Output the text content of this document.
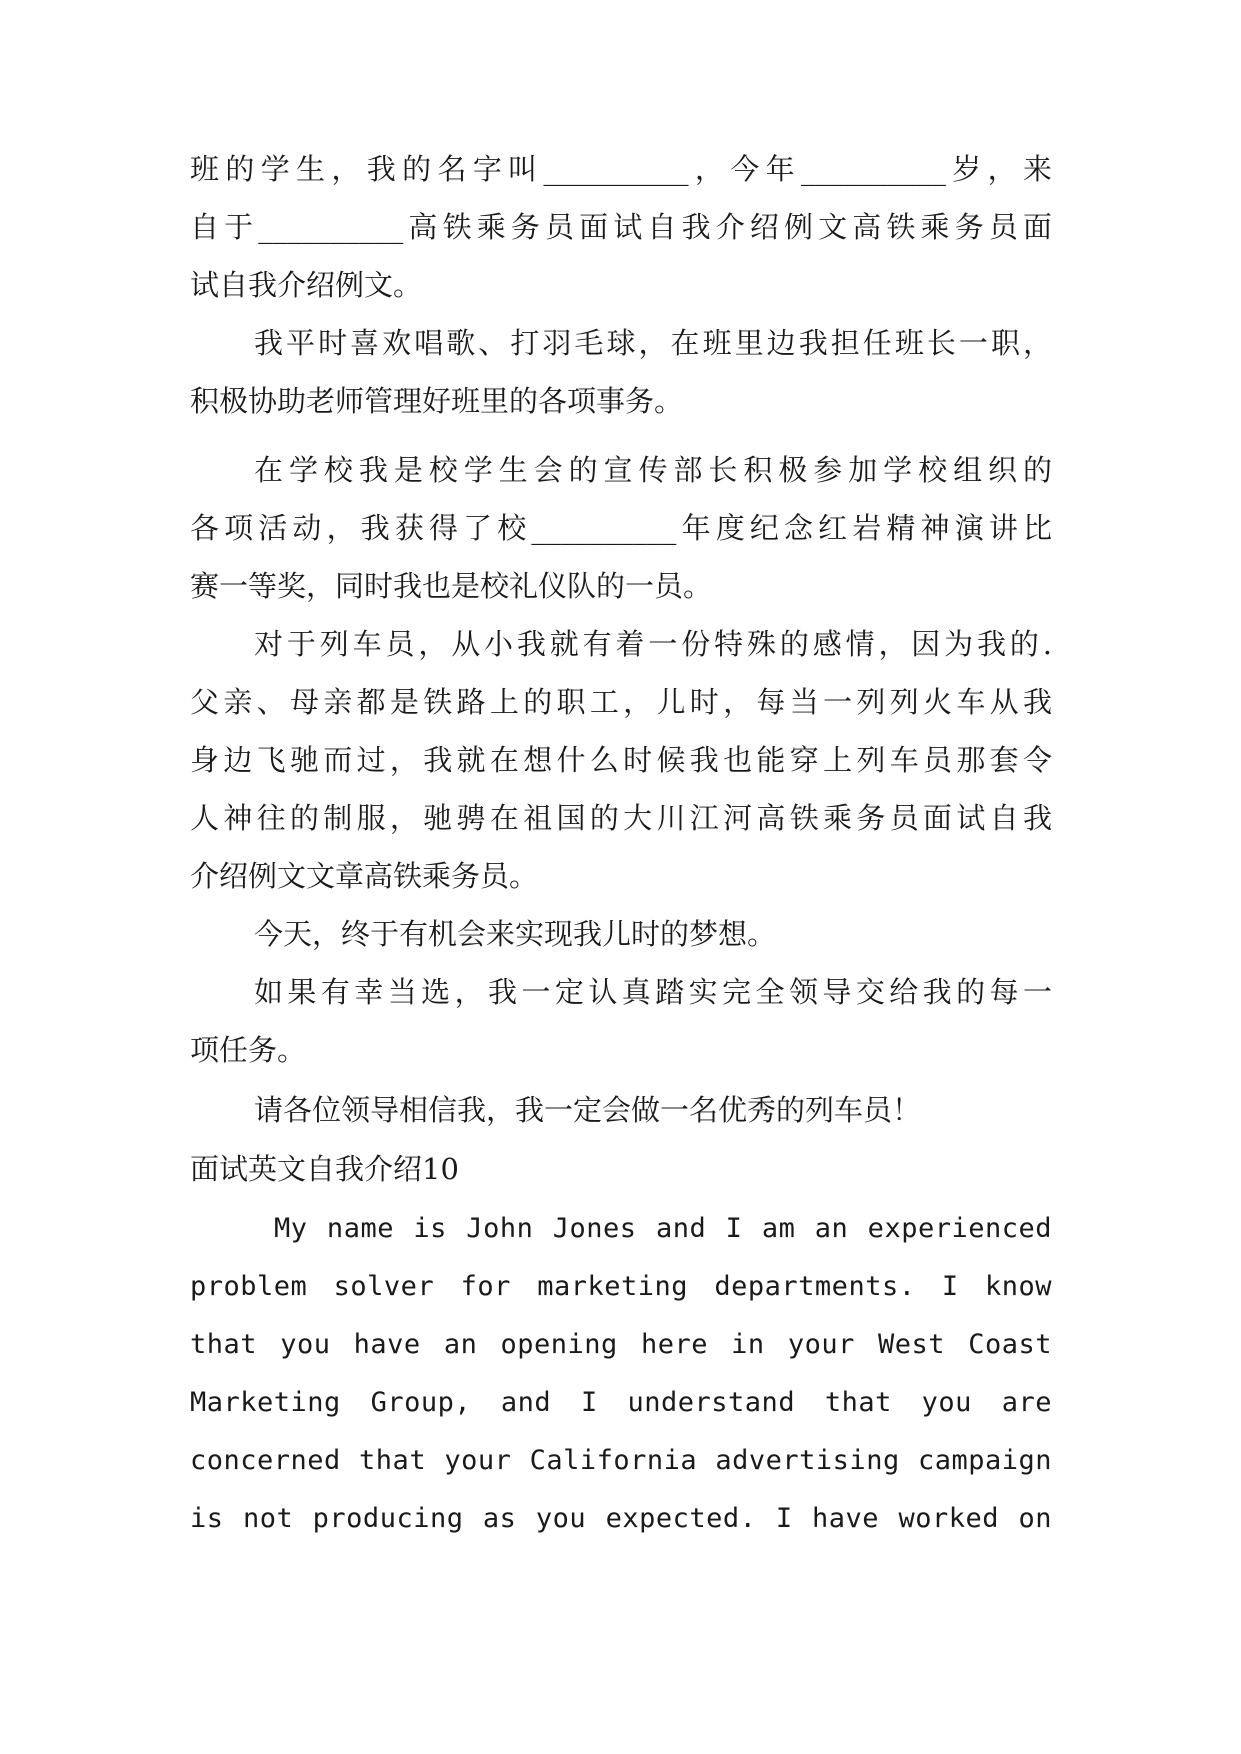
班的学生，我的名字叫__________，今年__________岁，来
自于__________高铁乘务员面试自我介绍例文高铁乘务员面
试自我介绍例文。
我平时喜欢唱歌、打羽毛球，在班里边我担任班长一职，
积极协助老师管理好班里的各项事务。
在学校我是校学生会的宣传部长积极参加学校组织的
各项活动，我获得了校__________年度纪念红岩精神演讲比
赛一等奖，同时我也是校礼仪队的一员。
对于列车员，从小我就有着一份特殊的感情，因为我的.
父亲、母亲都是铁路上的职工，儿时，每当一列列火车从我
身边飞驰而过，我就在想什么时候我也能穿上列车员那套令
人神往的制服，驰骋在祖国的大川江河高铁乘务员面试自我
介绍例文文章高铁乘务员。
今天，终于有机会来实现我儿时的梦想。
如果有幸当选，我一定认真踏实完全领导交给我的每一
项任务。
请各位领导相信我，我一定会做一名优秀的列车员！
面试英文自我介绍10
My name is John Jones and I am an experienced
problem solver for marketing departments. I know
that you have an opening here in your West Coast
Marketing Group, and I understand that you are
concerned that your California advertising campaign
is not producing as you expected. I have worked on
